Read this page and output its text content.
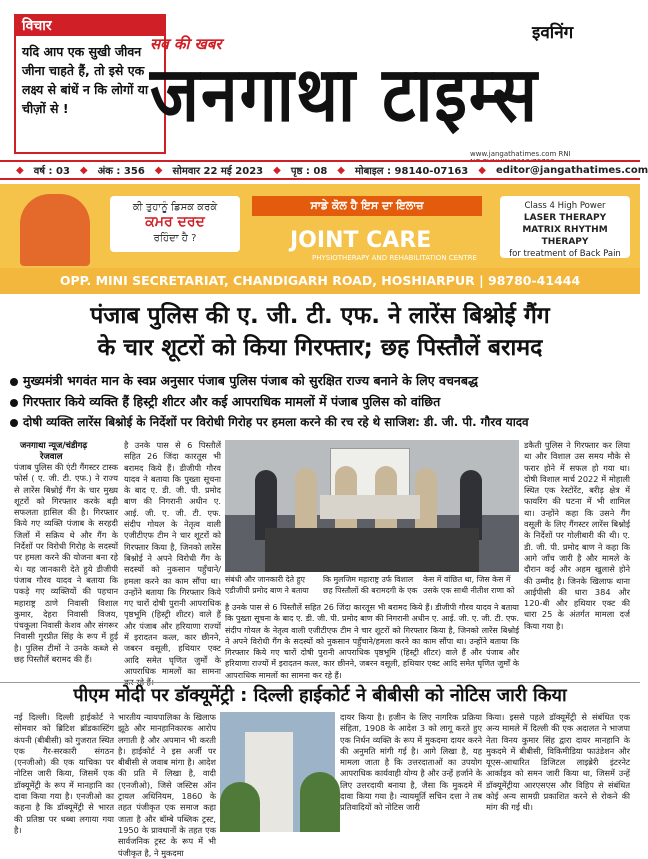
विचार
यदि आप एक सुखी जीवन जीना चाहते हैं, तो इसे एक लक्ष्य से बांधें न कि लोगों या चीज़ों से !
सब की खबर
इवनिंग
जनगाथा टाइम्स
www.jangathatimes.com RNI
◆ वर्ष : 03 ◆ अंक : 356 ◆ सोमवार 22 मई 2023 ◆ पृष्ठ : 08 ◆ मोबाइल : 98140-07163 ◆ editor@jangathatimes.com
ਕੀ ਤੁਹਾਨੂੰ ਡਿਸਕ ਕਰਕੇ
ਕਮਰ ਦਰਦ
ਰਹਿੰਦਾ ਹੈ ?
ਸਾਡੇ ਕੋਲ ਹੈ ਇਸ ਦਾ ਇਲਾਜ਼
JOINT CARE
PHYSIOTHERAPY AND REHABILITATION CENTRE
Class 4 High Power
LASER THERAPY
MATRIX RHYTHM THERAPY
for treatment of Back Pain
OPP. MINI SECRETARIAT, CHANDIGARH ROAD, HOSHIARPUR | 98780-41444
पंजाब पुलिस की ए. जी. टी. एफ. ने लारेंस बिश्नोई गैंग
के चार शूटरों को किया गिरफ्तार; छह पिस्तौलें बरामद
मुख्यमंत्री भगवंत मान के स्वप्न अनुसार पंजाब पुलिस पंजाब को सुरक्षित राज्य बनाने के लिए वचनबद्ध
गिरफ्तार किये व्यक्ति हैं हिस्ट्री शीटर और कई आपराधिक मामलों में पंजाब पुलिस को वांछित
दोषी व्यक्ति लारेंस बिश्नोई के निर्देशों पर विरोधी गिरोह पर हमला करने की रच रहे थे साजिश: डी. जी. पी. गौरव यादव
जनगाथा न्यूज/चंडीगढ़
रेजवाल
पंजाब पुलिस की एंटी गैंगस्टर टास्क फोर्स ( ए. जी. टी. एफ.) ने राज्य से लारेंस बिश्नोई गैंग के चार मुख्य शूटरों को गिरफ्तार करके बड़ी सफलता हासिल की है। गिरफ्तार किये गए व्यक्ति पंजाब के सरहदी जिलों में सक्रिय थे और गैंग के निर्देशों पर विरोधी गिरोह के सदस्यों पर हमला करने की योजना बना रहे थे। यह जानकारी देते हुये डीजीपी पंजाब गौरव यादव ने बताया कि पकड़े गए व्यक्तियों की पहचान महाराष्ट्र ठाणे निवासी विशाल कुमार, देहरा निवासी विजय, पंचकूला निवासी केशव और संगरूर निवासी गुरप्रीत सिंह के रूप में हुई है। पुलिस टीमों ने उनके कब्जे से छह पिस्तौलें बरामद की हैं।
है उनके पास से 6 पिस्तौलें सहित 26 जिंदा कारतूस भी बरामद किये हैं। डीजीपी गौरव यादव ने बताया कि पुख्ता सूचना के बाद ए. डी. जी. पी. प्रमोद बाण की निगरानी अधीन ए. आई. जी. ए. जी. टी. एफ. संदीप गोयल के नेतृत्व वाली एजीटीएफ टीम ने चार शूटरों को गिरफ्तार किया है, जिनको लारेंस बिश्नोई ने अपने विरोधी गैंग के सदस्यों को नुकसान पहुँचाने/हमला करने का काम सौंपा था। उन्होंने बताया कि गिरफ्तार किये गए चारों दोषी पुरानी आपराधिक पृष्ठभूमि (हिस्ट्री शीटर) वाले हैं और पंजाब और हरियाणा राज्यों में इरादतन कत्ल, कार छीनने, जबरन वसूली, हथियार एक्ट आदि समेत घृणित जुर्मों के आपराधिक मामलों का सामना कर रहे हैं।
डकैती पुलिस ने गिरफ्तार कर लिया था और विशाल उस समय मौके से फरार होने में सफल हो गया था। दोषी विशाल मार्च 2022 में मोहाली स्थित एक रेस्टोरेंट, बरीड़ क्षेत्र में फायरिंग की घटना में भी शामिल था। उन्होंने कहा कि उसने गैंग वसूली के लिए गैंगस्टर लारेंस बिश्नोई के निर्देशों पर गोलीबारी की थी। ए. डी. जी. पी. प्रमोद बाण ने कहा कि आगे जाँच जारी है और मामले के दौरान कई और अहम खुलासे होने की उम्मीद है। जिनके खिलाफ थाना आईपीसी की धारा 384 और 120-बी और हथियार एक्ट की धारा 25 के अंतर्गत मामला दर्ज किया गया है।
संबंधी और जानकारी देते हुए एडीजीपी प्रमोद बाण ने बताया
कि मुलजिम महाराष्ट्र उर्फ विशाल छह पिस्तौलों की बरामदगी के एक
केस में वांछित था, जिस केस में उसके एक साथी नीतीश राणा को
है उनके पास से 6 पिस्तौलें सहित 26 जिंदा कारतूस भी बरामद किये हैं। डीजीपी गौरव यादव ने बताया कि पुख्ता सूचना के बाद ए. डी. जी. पी. प्रमोद बाण की निगरानी अधीन ए. आई. जी. ए. जी. टी. एफ. संदीप गोयल के नेतृत्व वाली एजीटीएफ टीम ने चार शूटरों को गिरफ्तार किया है, जिनको लारेंस बिश्नोई ने अपने विरोधी गैंग के सदस्यों को नुकसान पहुँचाने/हमला करने का काम सौंपा था। उन्होंने बताया कि गिरफ्तार किये गए चारों दोषी पुरानी आपराधिक पृष्ठभूमि (हिस्ट्री शीटर) वाले हैं और पंजाब और हरियाणा राज्यों में इरादतन कत्ल, कार छीनने, जबरन वसूली, हथियार एक्ट आदि समेत घृणित जुर्मों के आपराधिक मामलों का सामना कर रहे हैं।
पीएम मोदी पर डॉक्यूमेंट्री : दिल्ली हाईकोर्ट ने बीबीसी को नोटिस जारी किया
नई दिल्ली। दिल्ली हाईकोर्ट ने सोमवार को ब्रिटिश ब्रॉडकास्टिंग कंपनी (बीबीसी) को गुजरात स्थित एक गैर-सरकारी संगठन (एनजीओ) की एक याचिका पर नोटिस जारी किया, जिसमें एक डॉक्यूमेंट्री के रूप में मानहानि का दावा किया गया है। एनजीओ का कहना है कि डॉक्यूमेंट्री से भारत की प्रतिष्ठा पर धब्बा लगाया गया है।
भारतीय न्यायपालिका के खिलाफ झूठे और मानहानिकारक आरोप लगाती है और अपमान भी करती है। हाईकोर्ट ने इस अर्जी पर बीबीसी से जवाब मांगा है। आदेश की प्रति में लिखा है, वादी (एनजीओ), जिसे जस्टिस ऑन ट्रायल अधिनियम, 1860 के तहत पंजीकृत एक समाज कहा जाता है और बॉम्बे पब्लिक ट्रस्ट, 1950 के प्रावधानों के तहत एक सार्वजनिक ट्रस्ट के रूप में भी पंजीकृत है, ने मुकदमा
दायर किया है। हजीन के लिए नागरिक प्रक्रिया संहिता, 1908 के आदेश 3 को लागू करते हुए एक निर्धन व्यक्ति के रूप में मुकदमा दायर करने की अनुमति मांगी गई है। आगे लिखा है, यह मामला जाता है कि उत्तरदाताओं का उपयोग आपराधिक कार्यवाही योग्य है और उन्हें हर्जाने के लिए उत्तरदायी बनाया है, जैसा कि मुकदमे में दावा किया गया है। न्यायमूर्ति सचिन दत्ता ने तब प्रतिवादियों को नोटिस जारी
किया। इससे पहले डॉक्यूमेंट्री से संबंधित एक अन्य मामले में दिल्ली की एक अदालत ने भाजपा नेता विनय कुमार सिंह द्वारा दायर मानहानि के मुकदमे में बीबीसी, विकिमीडिया फाउंडेशन और यूएस-आधारित डिजिटल लाइब्रेरी इंटरनेट आर्काइव को समन जारी किया था, जिसमें उन्हें डॉक्यूमेंट्रीया आरएसएस और विहिप से संबंधित कोई अन्य सामग्री प्रकाशित करने से रोकने की मांग की गई थी।
